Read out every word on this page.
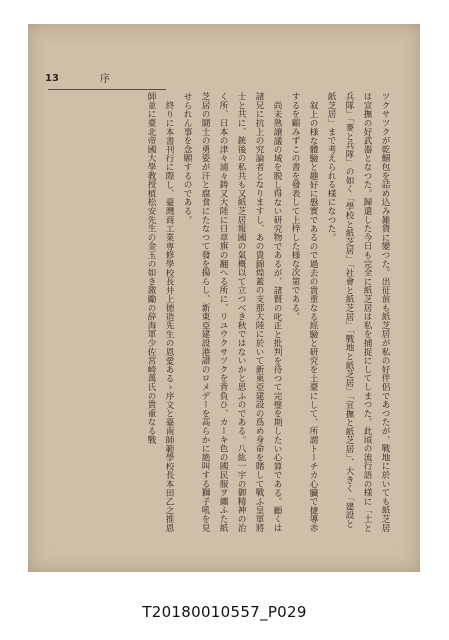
13	序

ツクサツクが乾鰯包を詰め込み雑貨に變つた。出征前も紙芝居が私の好伴侶であつたが、戰地に於いても紙芝居は宣撫の好武器となつた。歸還した今日も完全に紙芝居は私を捕捉にしてしまつた。此頃の流行語の様に「土と兵隊」「麥と兵隊」の如く「學校と紙芝居」「社會と紙芝居」「戰地と紙芝居」「宣撫と紙芝居」、大きく「建設と紙芝居」まで考えられる様になつた。

叙上の様な體驗と趣好に慇實であるので過去の貴重なる經驗と研究を土臺にして、所謂トーチカ心臓で捷導赤するを顧みずこの書を發表して上梓した様な次第である。

尚未熟譲議の域を脱し得ない研究物であるが、諸賢の叱正と批判を待つて完璧を期したい心算である。顧くは諸兄に抗上の究論者となりますし、あの貴錦煌蓋の支那大陸に於いて新東亞建設の爲め身命を賭して戰ふ皇軍將士と共に、銃後の私共も又紙芝居報國の氣概以て立つべき秋ではないかと思ふのである。八紘一宇の御精神の治く所、日本の津々浦々鋳又大陸に日章旗の翻へる所に、リユウクサツクを背負ひ、カーキ色の國民服ヲ纏ふた紙芝居の鬪士の勇姿が汗と腐食にたなつて發を揚らし、新東亞建設港譜のロメデーを高らかに絶叫する獅子吼を見せられん事を念願するのである。

終りに本書刊行に際し、臺灣商工業専修學校長井上徳造先生の恩愛あるゝ序文と臺南師範學校長本田乙之推恩師並に臺北帝國大學教授植松安先生の金玉の如き激勵の辞海軍少佐宮崎萬氏の貴重なる戰

T20180010557_P029
